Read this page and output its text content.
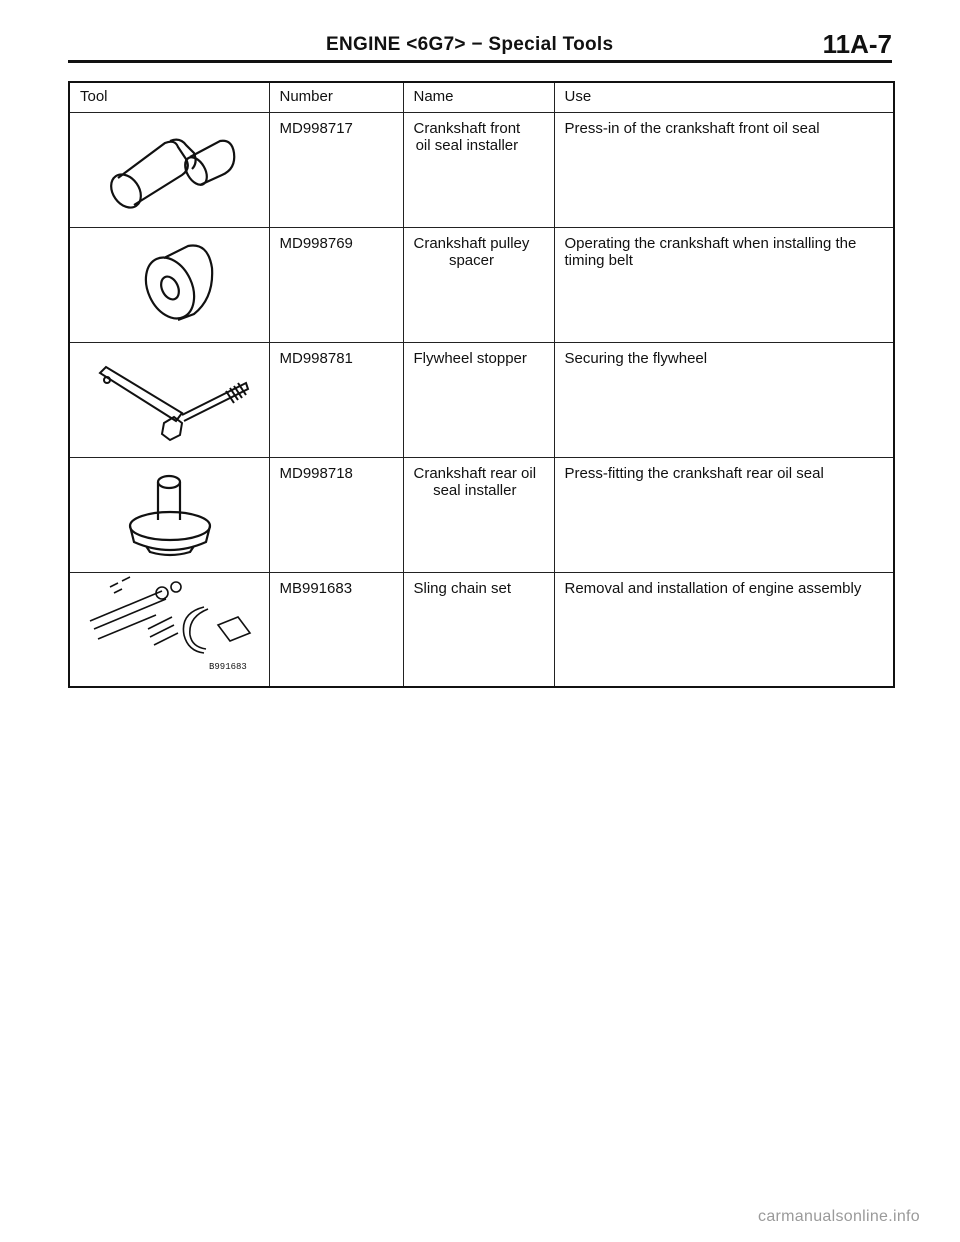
ENGINE <6G7> − Special Tools	11A-7
Tool	Number	Name	Use

	MD998717	Crankshaft front
oil seal installer	Press-in of the crankshaft front oil seal

	MD998769	Crankshaft pulley
spacer	Operating the crankshaft when installing the timing belt

	MD998781	Flywheel stopper	Securing the flywheel

	MD998718	Crankshaft rear oil
seal installer	Press-fitting the crankshaft rear oil seal

B991683	MB991683	Sling chain set	Removal and installation of engine assembly
carmanualsonline.info
